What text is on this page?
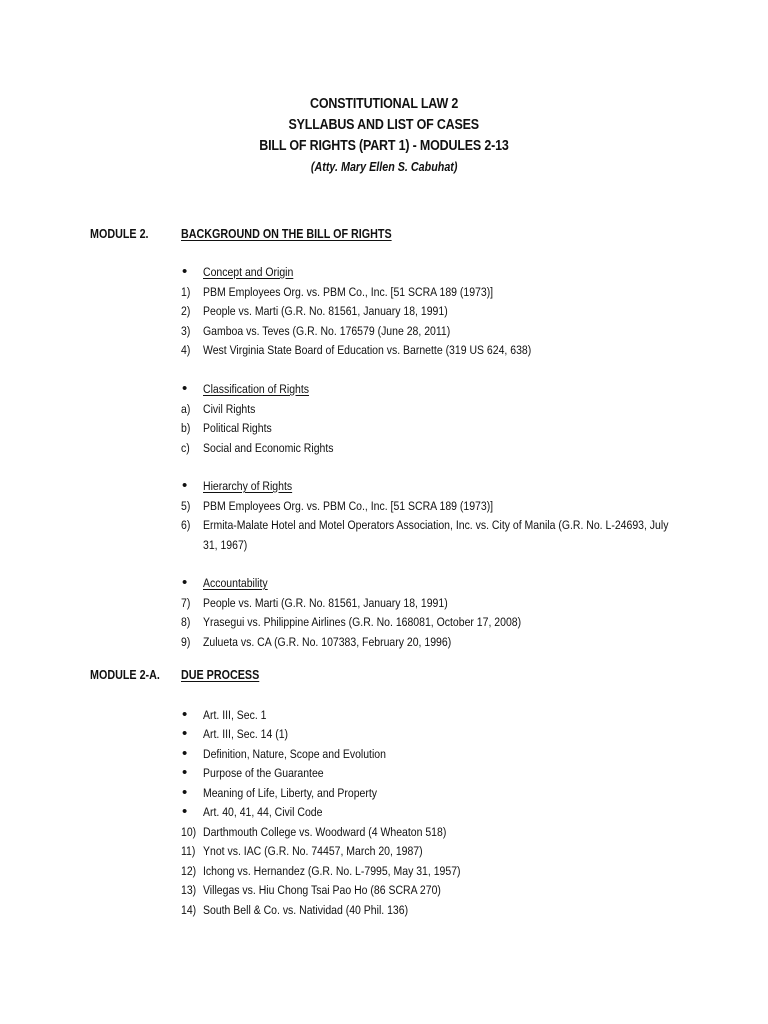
CONSTITUTIONAL LAW 2
SYLLABUS AND LIST OF CASES
BILL OF RIGHTS (PART 1) - MODULES 2-13
(Atty. Mary Ellen S. Cabuhat)
MODULE 2.	BACKGROUND ON THE BILL OF RIGHTS
• Concept and Origin
1)	PBM Employees Org. vs. PBM Co., Inc. [51 SCRA 189 (1973)]
2)	People vs. Marti (G.R. No. 81561, January 18, 1991)
3)	Gamboa vs. Teves (G.R. No. 176579 (June 28, 2011)
4)	West Virginia State Board of Education vs. Barnette (319 US 624, 638)
• Classification of Rights
a)	Civil Rights
b)	Political Rights
c)	Social and Economic Rights
• Hierarchy of Rights
5)	PBM Employees Org. vs. PBM Co., Inc. [51 SCRA 189 (1973)]
6)	Ermita-Malate Hotel and Motel Operators Association, Inc. vs. City of Manila (G.R. No. L-24693, July
31, 1967)
• Accountability
7)	People vs. Marti (G.R. No. 81561, January 18, 1991)
8)	Yrasegui vs. Philippine Airlines (G.R. No. 168081, October 17, 2008)
9)	Zulueta vs. CA (G.R. No. 107383, February 20, 1996)
MODULE 2-A. DUE PROCESS
• Art. III, Sec. 1
• Art. III, Sec. 14 (1)
• Definition, Nature, Scope and Evolution
• Purpose of the Guarantee
• Meaning of Life, Liberty, and Property
• Art. 40, 41, 44, Civil Code
10) Darthmouth College vs. Woodward (4 Wheaton 518)
11) Ynot vs. IAC (G.R. No. 74457, March 20, 1987)
12) Ichong vs. Hernandez (G.R. No. L-7995, May 31, 1957)
13) Villegas vs. Hiu Chong Tsai Pao Ho (86 SCRA 270)
14) South Bell & Co. vs. Natividad (40 Phil. 136)
